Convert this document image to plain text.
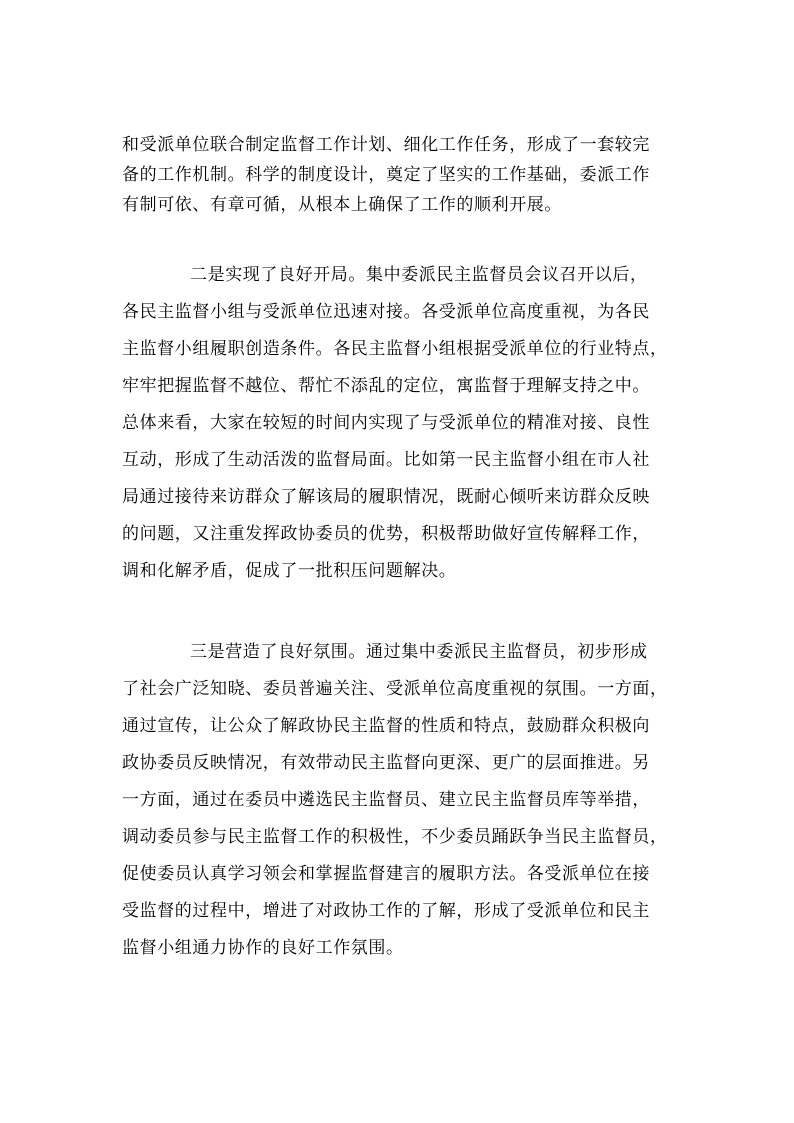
和受派单位联合制定监督工作计划、细化工作任务，形成了一套较完
备的工作机制。科学的制度设计，奠定了坚实的工作基础，委派工作
有制可依、有章可循，从根本上确保了工作的顺利开展。
二是实现了良好开局。集中委派民主监督员会议召开以后，
各民主监督小组与受派单位迅速对接。各受派单位高度重视，为各民
主监督小组履职创造条件。各民主监督小组根据受派单位的行业特点，
牢牢把握监督不越位、帮忙不添乱的定位，寓监督于理解支持之中。
总体来看，大家在较短的时间内实现了与受派单位的精准对接、良性
互动，形成了生动活泼的监督局面。比如第一民主监督小组在市人社
局通过接待来访群众了解该局的履职情况，既耐心倾听来访群众反映
的问题，又注重发挥政协委员的优势，积极帮助做好宣传解释工作，
调和化解矛盾，促成了一批积压问题解决。
三是营造了良好氛围。通过集中委派民主监督员，初步形成
了社会广泛知晓、委员普遍关注、受派单位高度重视的氛围。一方面，
通过宣传，让公众了解政协民主监督的性质和特点，鼓励群众积极向
政协委员反映情况，有效带动民主监督向更深、更广的层面推进。另
一方面，通过在委员中遴选民主监督员、建立民主监督员库等举措，
调动委员参与民主监督工作的积极性，不少委员踊跃争当民主监督员，
促使委员认真学习领会和掌握监督建言的履职方法。各受派单位在接
受监督的过程中，增进了对政协工作的了解，形成了受派单位和民主
监督小组通力协作的良好工作氛围。
